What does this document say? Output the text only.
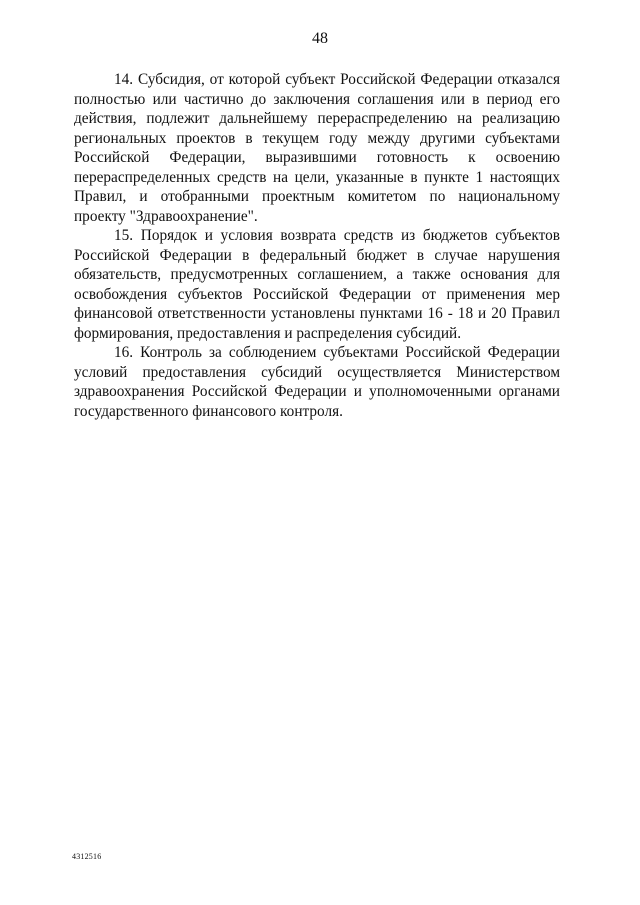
48

14. Субсидия, от которой субъект Российской Федерации отказался полностью или частично до заключения соглашения или в период его действия, подлежит дальнейшему перераспределению на реализацию региональных проектов в текущем году между другими субъектами Российской Федерации, выразившими готовность к освоению перераспределенных средств на цели, указанные в пункте 1 настоящих Правил, и отобранными проектным комитетом по национальному проекту "Здравоохранение".

15. Порядок и условия возврата средств из бюджетов субъектов Российской Федерации в федеральный бюджет в случае нарушения обязательств, предусмотренных соглашением, а также основания для освобождения субъектов Российской Федерации от применения мер финансовой ответственности установлены пунктами 16 - 18 и 20 Правил формирования, предоставления и распределения субсидий.

16. Контроль за соблюдением субъектами Российской Федерации условий предоставления субсидий осуществляется Министерством здравоохранения Российской Федерации и уполномоченными органами государственного финансового контроля.

4312516
